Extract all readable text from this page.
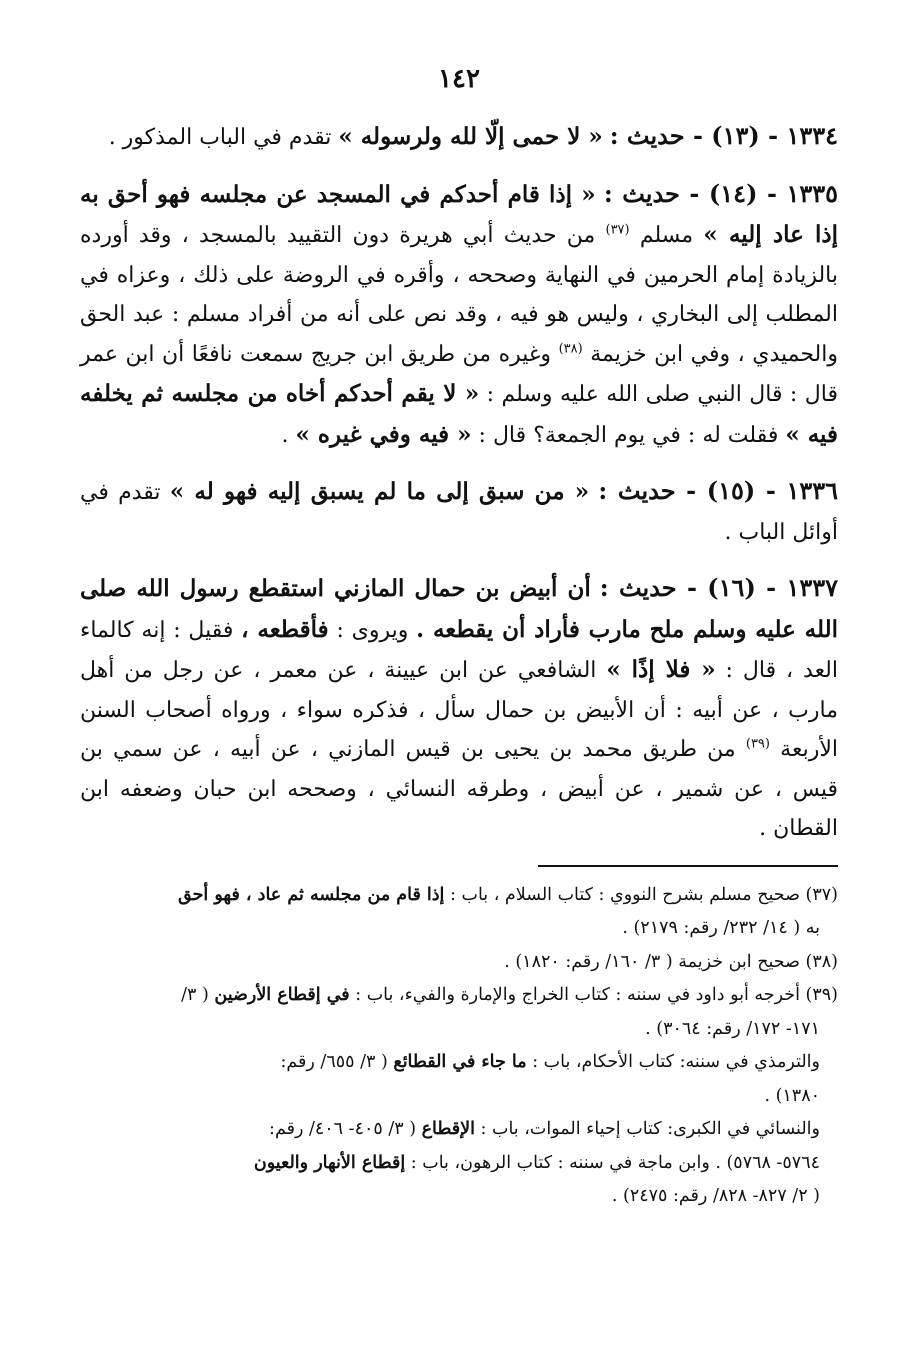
١٤٢

١٣٣٤ - (١٣) - حديث : « لا حمى إلّا لله ولرسوله » تقدم في الباب المذكور .

١٣٣٥ - (١٤) - حديث : « إذا قام أحدكم في المسجد عن مجلسه فهو أحق به إذا عاد إليه » مسلم $^{(٣٧)}$ من حديث أبي هريرة دون التقييد بالمسجد ، وقد أورده بالزيادة إمام الحرمين في النهاية وصححه ، وأقره في الروضة على ذلك ، وعزاه في المطلب إلى البخاري ، وليس هو فيه ، وقد نص على أنه من أفراد مسلم : عبد الحق والحميدي ، وفي ابن خزيمة $^{(٣٨)}$ وغيره من طريق ابن جريج سمعت نافعًا أن ابن عمر قال : قال النبي صلى الله عليه وسلم : « لا يقم أحدكم أخاه من مجلسه ثم يخلفه فيه » فقلت له : في يوم الجمعة؟ قال : « فيه وفي غيره » .

١٣٣٦ - (١٥) - حديث : « من سبق إلى ما لم يسبق إليه فهو له » تقدم في أوائل الباب .

١٣٣٧ - (١٦) - حديث : أن أبيض بن حمال المازني استقطع رسول الله صلى الله عليه وسلم ملح مارب فأراد أن يقطعه . ويروى : فأقطعه ، فقيل : إنه كالماء العد ، قال : « فلا إذًا » الشافعي عن ابن عيينة ، عن معمر ، عن رجل من أهل مارب ، عن أبيه : أن الأبيض بن حمال سأل ، فذكره سواء ، ورواه أصحاب السنن الأربعة $^{(٣٩)}$ من طريق محمد بن يحيى بن قيس المازني ، عن أبيه ، عن سمي بن قيس ، عن شمير ، عن أبيض ، وطرقه النسائي ، وصححه ابن حبان وضعفه ابن القطان .

(٣٧) صحيح مسلم بشرح النووي : كتاب السلام ، باب : إذا قام من مجلسه ثم عاد ، فهو أحق

به ( ١٤/ ٢٣٢/ رقم: ٢١٧٩) .

(٣٨) صحيح ابن خزيمة ( ٣/ ١٦٠/ رقم: ١٨٢٠) .

(٣٩) أخرجه أبو داود في سننه : كتاب الخراج والإمارة والفيء، باب : في إقطاع الأرضين ( ٣/

١٧١- ١٧٢/ رقم: ٣٠٦٤) .

والترمذي في سننه: كتاب الأحكام، باب : ما جاء في القطائع ( ٣/ ٦٥٥/ رقم:

١٣٨٠) .

والنسائي في الكبرى: كتاب إحياء الموات، باب : الإقطاع ( ٣/ ٤٠٥- ٤٠٦/ رقم:

٥٧٦٤- ٥٧٦٨) . وابن ماجة في سننه : كتاب الرهون، باب : إقطاع الأنهار والعيون

( ٢/ ٨٢٧- ٨٢٨/ رقم: ٢٤٧٥) .
